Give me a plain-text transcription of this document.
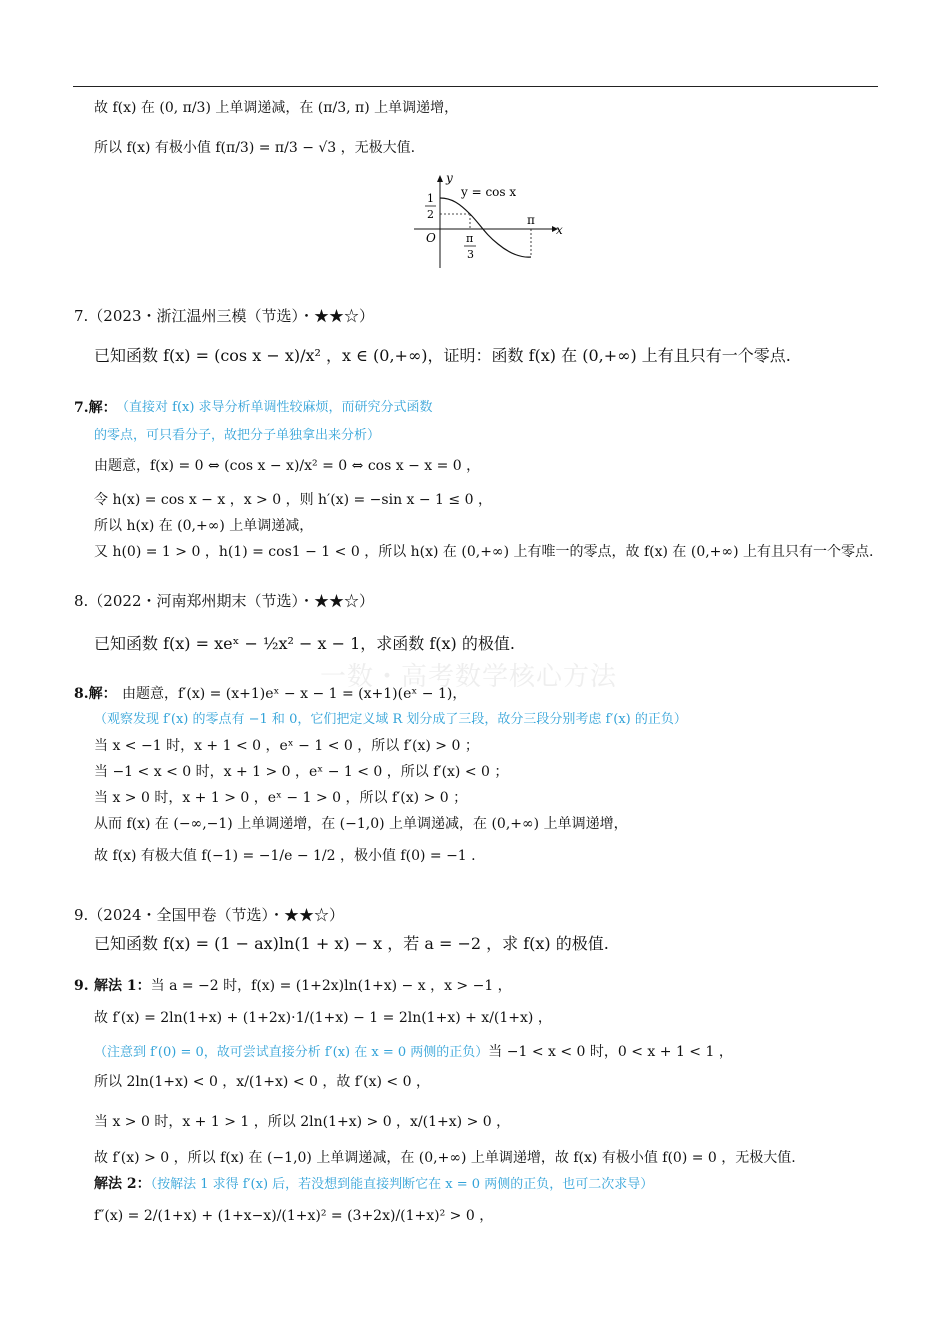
故 f(x) 在 (0, π/3) 上单调递减，在 (π/3, π) 上单调递增，
所以 f(x) 有极小值 f(π/3) = π/3 − √3 ，无极大值.
y
x
O
y = cos x
1
2
π
3
π
7.（2023・浙江温州三模（节选）・★★☆）
已知函数 f(x) = (cos x − x)/x² ，x ∈ (0,+∞)，证明：函数 f(x) 在 (0,+∞) 上有且只有一个零点.
7.解： （直接对 f(x) 求导分析单调性较麻烦，而研究分式函数
的零点，可只看分子，故把分子单独拿出来分析）
由题意，f(x) = 0 ⇔ (cos x − x)/x² = 0 ⇔ cos x − x = 0 ，
令 h(x) = cos x − x ，x > 0 ，则 h′(x) = −sin x − 1 ≤ 0 ，
所以 h(x) 在 (0,+∞) 上单调递减，
又 h(0) = 1 > 0 ，h(1) = cos1 − 1 < 0 ，所以 h(x) 在 (0,+∞) 上有唯一的零点，故 f(x) 在 (0,+∞) 上有且只有一个零点.
8.（2022・河南郑州期末（节选）・★★☆）
已知函数 f(x) = xeˣ − ½x² − x − 1，求函数 f(x) 的极值.
一数・高考数学核心方法
8.解： 由题意，f′(x) = (x+1)eˣ − x − 1 = (x+1)(eˣ − 1)，
（观察发现 f′(x) 的零点有 −1 和 0，它们把定义域 R 划分成了三段，故分三段分别考虑 f′(x) 的正负）
当 x < −1 时，x + 1 < 0 ，eˣ − 1 < 0 ，所以 f′(x) > 0 ；
当 −1 < x < 0 时，x + 1 > 0 ，eˣ − 1 < 0 ，所以 f′(x) < 0 ；
当 x > 0 时，x + 1 > 0 ，eˣ − 1 > 0 ，所以 f′(x) > 0 ；
从而 f(x) 在 (−∞,−1) 上单调递增，在 (−1,0) 上单调递减，在 (0,+∞) 上单调递增，
故 f(x) 有极大值 f(−1) = −1/e − 1/2 ，极小值 f(0) = −1 .
9.（2024・全国甲卷（节选）・★★☆）
已知函数 f(x) = (1 − ax)ln(1 + x) − x ，若 a = −2 ，求 f(x) 的极值.
9. 解法 1：当 a = −2 时，f(x) = (1+2x)ln(1+x) − x ，x > −1 ，
故 f′(x) = 2ln(1+x) + (1+2x)·1/(1+x) − 1 = 2ln(1+x) + x/(1+x) ，
（注意到 f′(0) = 0，故可尝试直接分析 f′(x) 在 x = 0 两侧的正负）当 −1 < x < 0 时，0 < x + 1 < 1 ，
所以 2ln(1+x) < 0 ，x/(1+x) < 0 ，故 f′(x) < 0 ，
当 x > 0 时，x + 1 > 1 ，所以 2ln(1+x) > 0 ，x/(1+x) > 0 ，
故 f′(x) > 0 ，所以 f(x) 在 (−1,0) 上单调递减，在 (0,+∞) 上单调递增，故 f(x) 有极小值 f(0) = 0 ，无极大值.
解法 2：（按解法 1 求得 f′(x) 后，若没想到能直接判断它在 x = 0 两侧的正负，也可二次求导）
f″(x) = 2/(1+x) + (1+x−x)/(1+x)² = (3+2x)/(1+x)² > 0 ，
